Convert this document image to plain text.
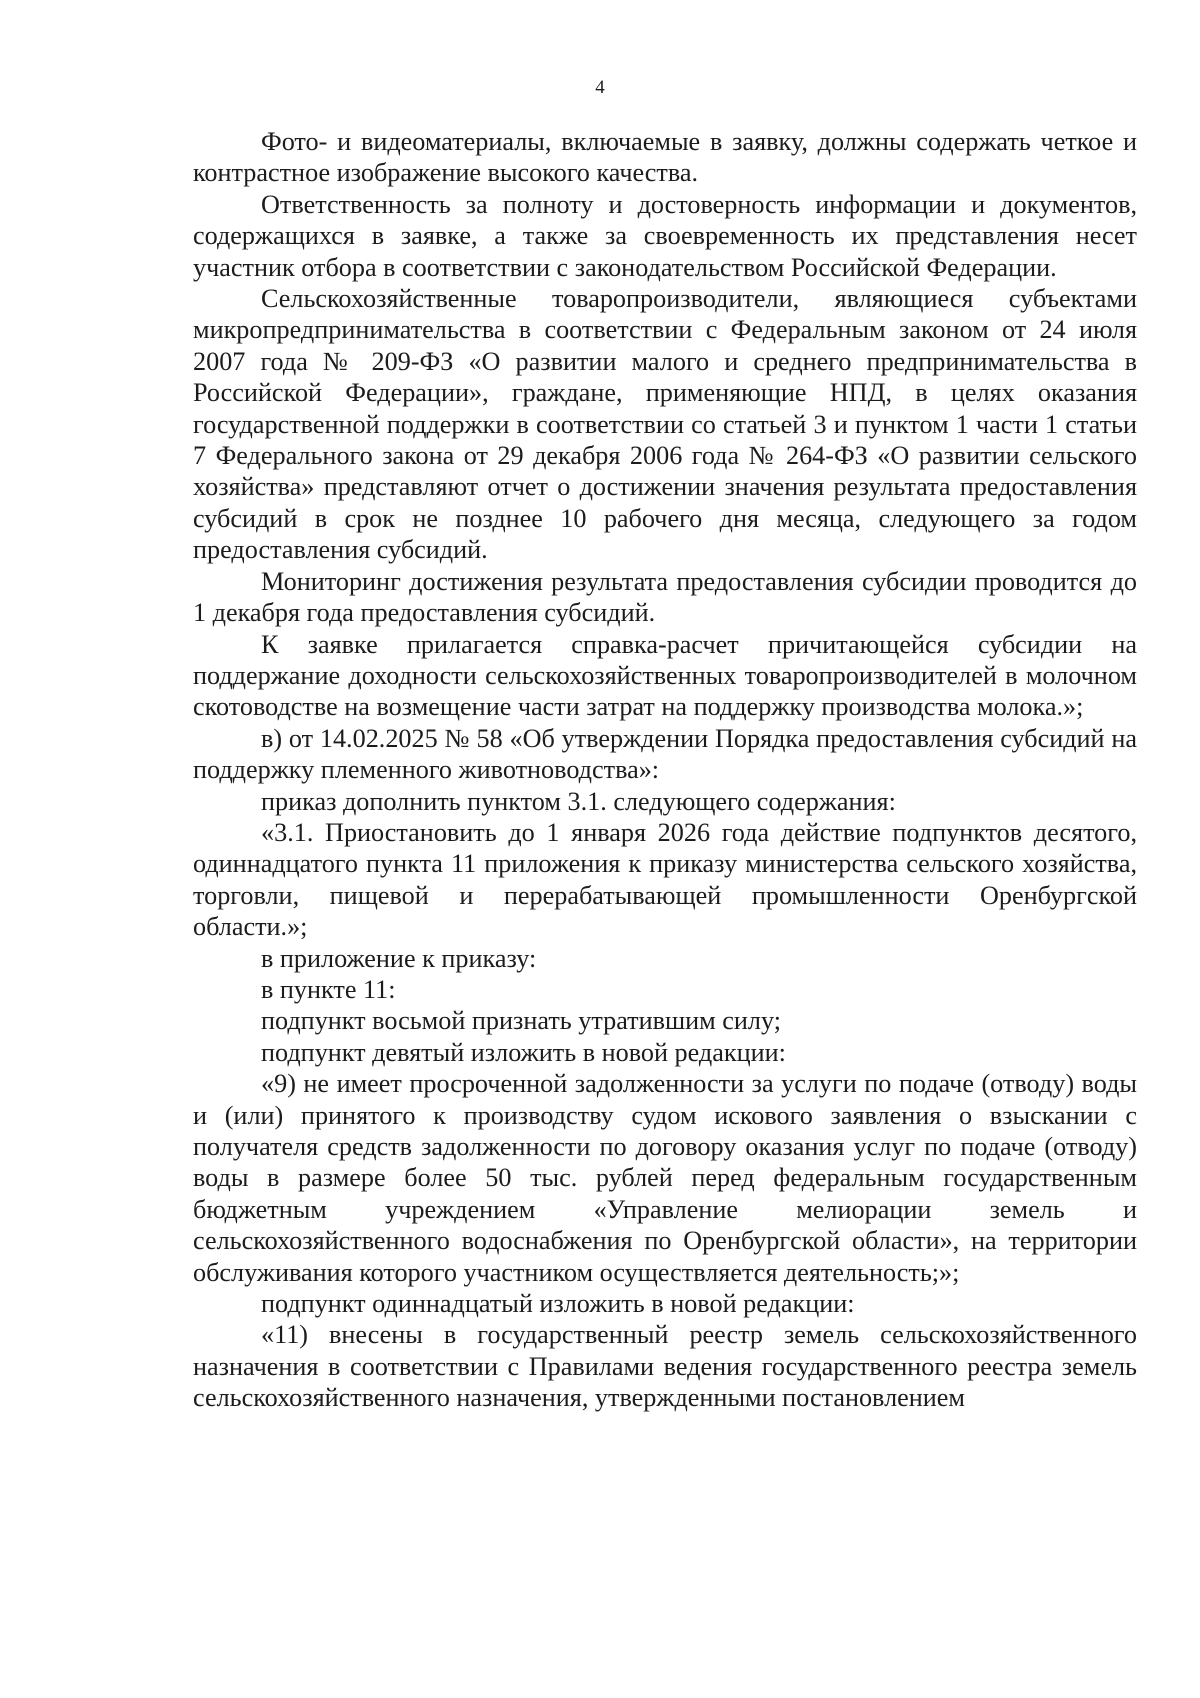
4

Фото- и видеоматериалы, включаемые в заявку, должны содержать четкое и контрастное изображение высокого качества.

Ответственность за полноту и достоверность информации и документов, содержащихся в заявке, а также за своевременность их представления несет участник отбора в соответствии с законодательством Российской Федерации.

Сельскохозяйственные товаропроизводители, являющиеся субъектами микропредпринимательства в соответствии с Федеральным законом от 24 июля 2007 года № 209-ФЗ «О развитии малого и среднего предпринимательства в Российской Федерации», граждане, применяющие НПД, в целях оказания государственной поддержки в соответствии со статьей 3 и пунктом 1 части 1 статьи 7 Федерального закона от 29 декабря 2006 года № 264-ФЗ «О развитии сельского хозяйства» представляют отчет о достижении значения результата предоставления субсидий в срок не позднее 10 рабочего дня месяца, следующего за годом предоставления субсидий.

Мониторинг достижения результата предоставления субсидии проводится до 1 декабря года предоставления субсидий.

К заявке прилагается справка-расчет причитающейся субсидии на поддержание доходности сельскохозяйственных товаропроизводителей в молочном скотоводстве на возмещение части затрат на поддержку производства молока.»;

в) от 14.02.2025 № 58 «Об утверждении Порядка предоставления субсидий на поддержку племенного животноводства»:

приказ дополнить пунктом 3.1. следующего содержания:

«3.1. Приостановить до 1 января 2026 года действие подпунктов десятого, одиннадцатого пункта 11 приложения к приказу министерства сельского хозяйства, торговли, пищевой и перерабатывающей промышленности Оренбургской области.»;

в приложение к приказу:

в пункте 11:

подпункт восьмой признать утратившим силу;

подпункт девятый изложить в новой редакции:

«9) не имеет просроченной задолженности за услуги по подаче (отводу) воды и (или) принятого к производству судом искового заявления о взыскании с получателя средств задолженности по договору оказания услуг по подаче (отводу) воды в размере более 50 тыс. рублей перед федеральным государственным бюджетным учреждением «Управление мелиорации земель и сельскохозяйственного водоснабжения по Оренбургской области», на территории обслуживания которого участником осуществляется деятельность;»;

подпункт одиннадцатый изложить в новой редакции:

«11) внесены в государственный реестр земель сельскохозяйственного назначения в соответствии с Правилами ведения государственного реестра земель сельскохозяйственного назначения, утвержденными постановлением
